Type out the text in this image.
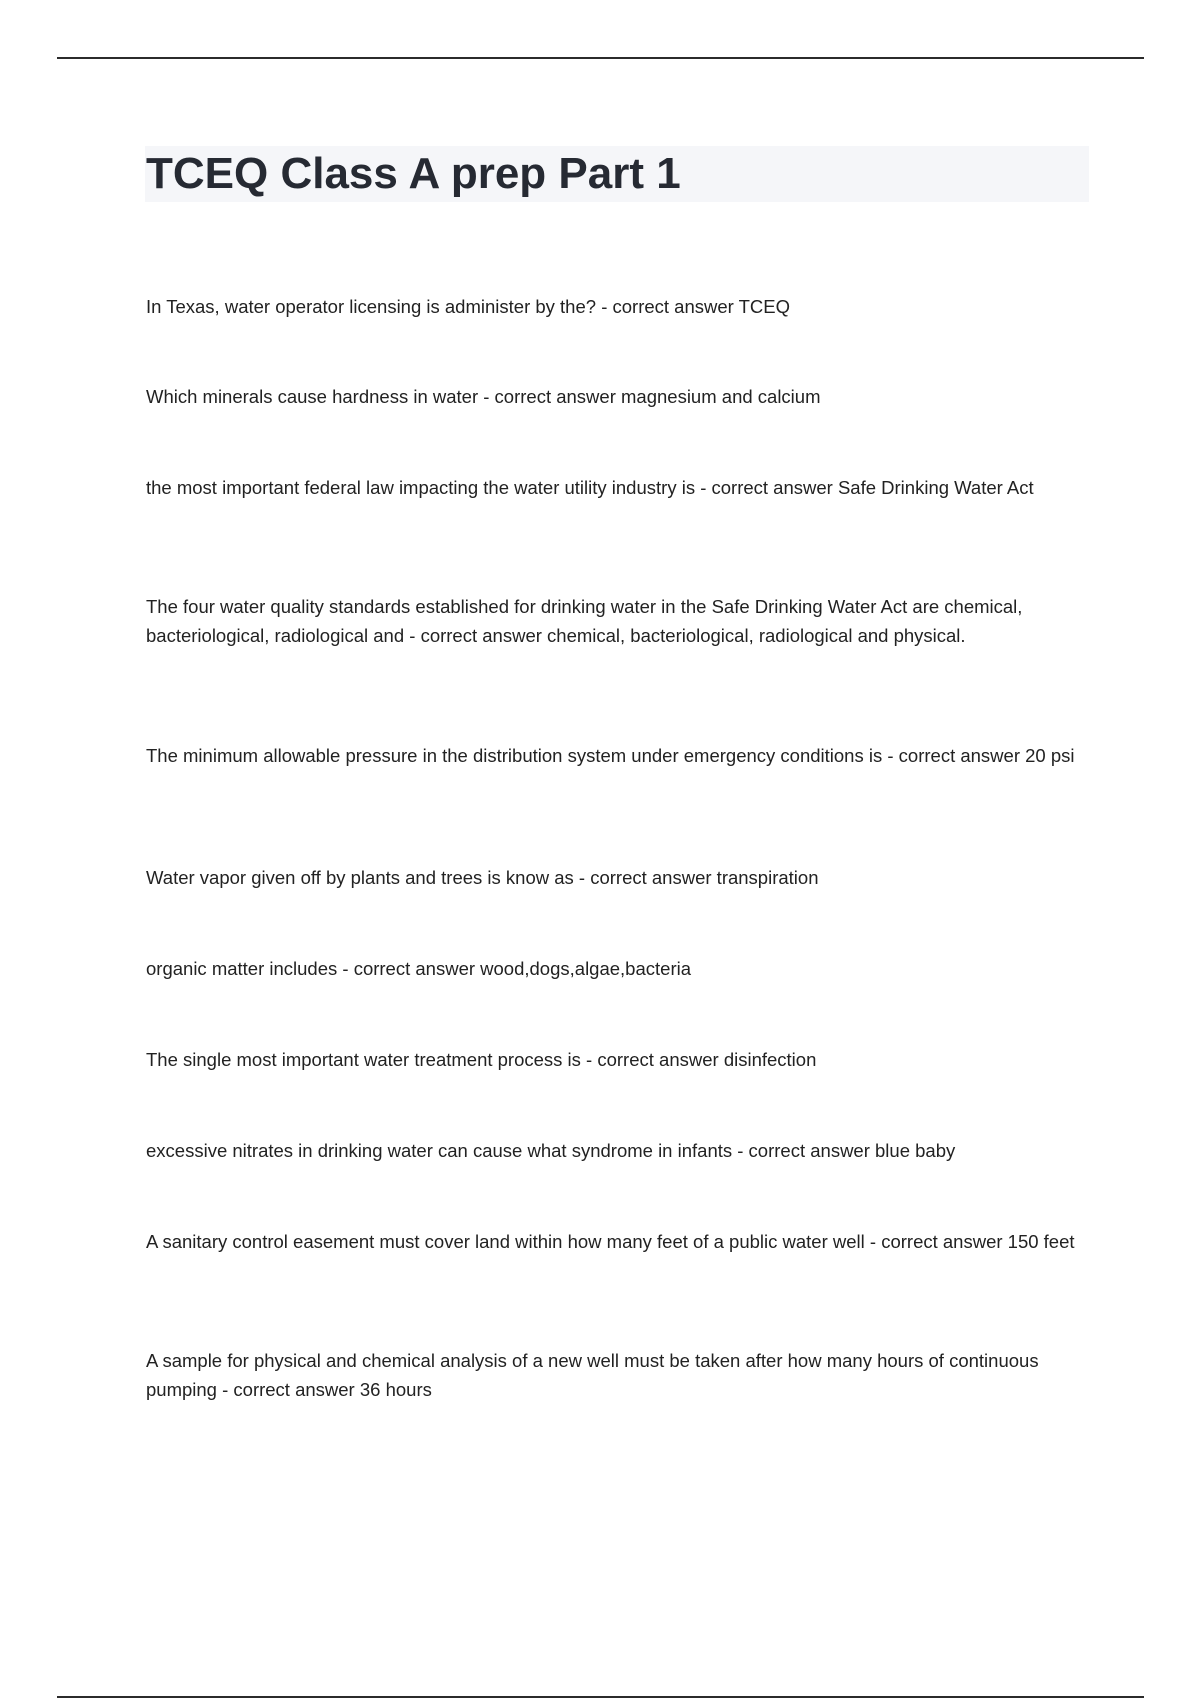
TCEQ Class A prep Part 1
In Texas, water operator licensing is administer by the? - correct answer TCEQ
Which minerals cause hardness in water - correct answer magnesium and calcium
the most important federal law impacting the water utility industry is - correct answer Safe Drinking Water Act
The four water quality standards established for drinking water in the Safe Drinking Water Act are chemical, bacteriological, radiological and - correct answer chemical, bacteriological, radiological and physical.
The minimum allowable pressure in the distribution system under emergency conditions is - correct answer 20 psi
Water vapor given off by plants and trees is know as - correct answer transpiration
organic matter includes - correct answer wood,dogs,algae,bacteria
The single most important water treatment process is - correct answer disinfection
excessive nitrates in drinking water can cause what syndrome in infants - correct answer blue baby
A sanitary control easement must cover land within how many feet of a public water well - correct answer 150 feet
A sample for physical and chemical analysis of a new well must be taken after how many hours of continuous pumping - correct answer 36 hours
